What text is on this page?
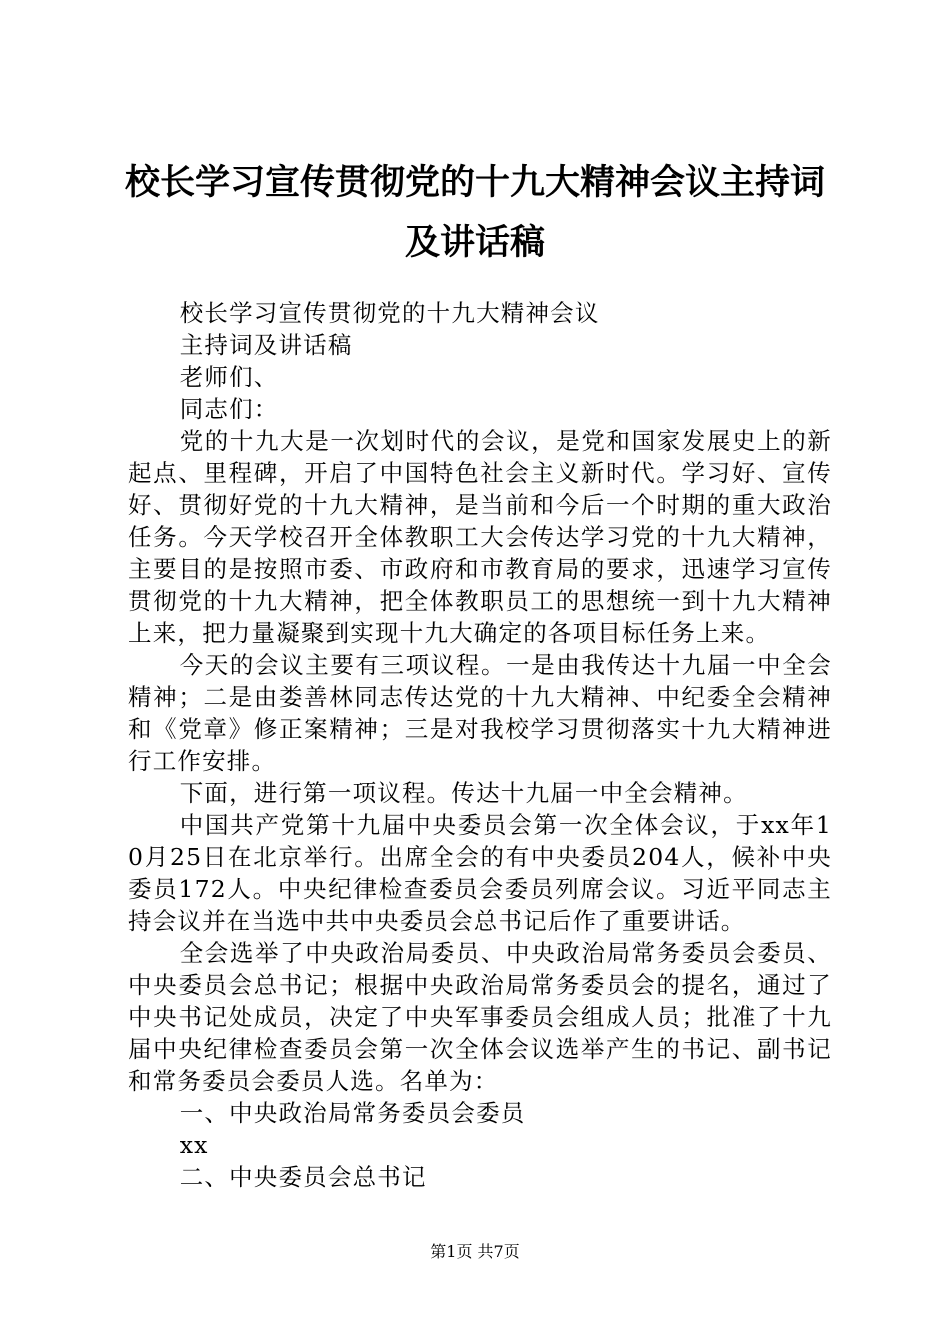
校长学习宣传贯彻党的十九大精神会议主持词
及讲话稿

校长学习宣传贯彻党的十九大精神会议

主持词及讲话稿

老师们、

同志们：

党的十九大是一次划时代的会议，是党和国家发展史上的新起点、里程碑，开启了中国特色社会主义新时代。学习好、宣传好、贯彻好党的十九大精神，是当前和今后一个时期的重大政治任务。今天学校召开全体教职工大会传达学习党的十九大精神，主要目的是按照市委、市政府和市教育局的要求，迅速学习宣传贯彻党的十九大精神，把全体教职员工的思想统一到十九大精神上来，把力量凝聚到实现十九大确定的各项目标任务上来。

今天的会议主要有三项议程。一是由我传达十九届一中全会精神；二是由娄善林同志传达党的十九大精神、中纪委全会精神和《党章》修正案精神；三是对我校学习贯彻落实十九大精神进行工作安排。

下面，进行第一项议程。传达十九届一中全会精神。

中国共产党第十九届中央委员会第一次全体会议，于xx年10月25日在北京举行。出席全会的有中央委员204人，候补中央委员172人。中央纪律检查委员会委员列席会议。习近平同志主持会议并在当选中共中央委员会总书记后作了重要讲话。

全会选举了中央政治局委员、中央政治局常务委员会委员、中央委员会总书记；根据中央政治局常务委员会的提名，通过了中央书记处成员，决定了中央军事委员会组成人员；批准了十九届中央纪律检查委员会第一次全体会议选举产生的书记、副书记和常务委员会委员人选。名单为：

一、中央政治局常务委员会委员

xx

二、中央委员会总书记

第1页 共7页
